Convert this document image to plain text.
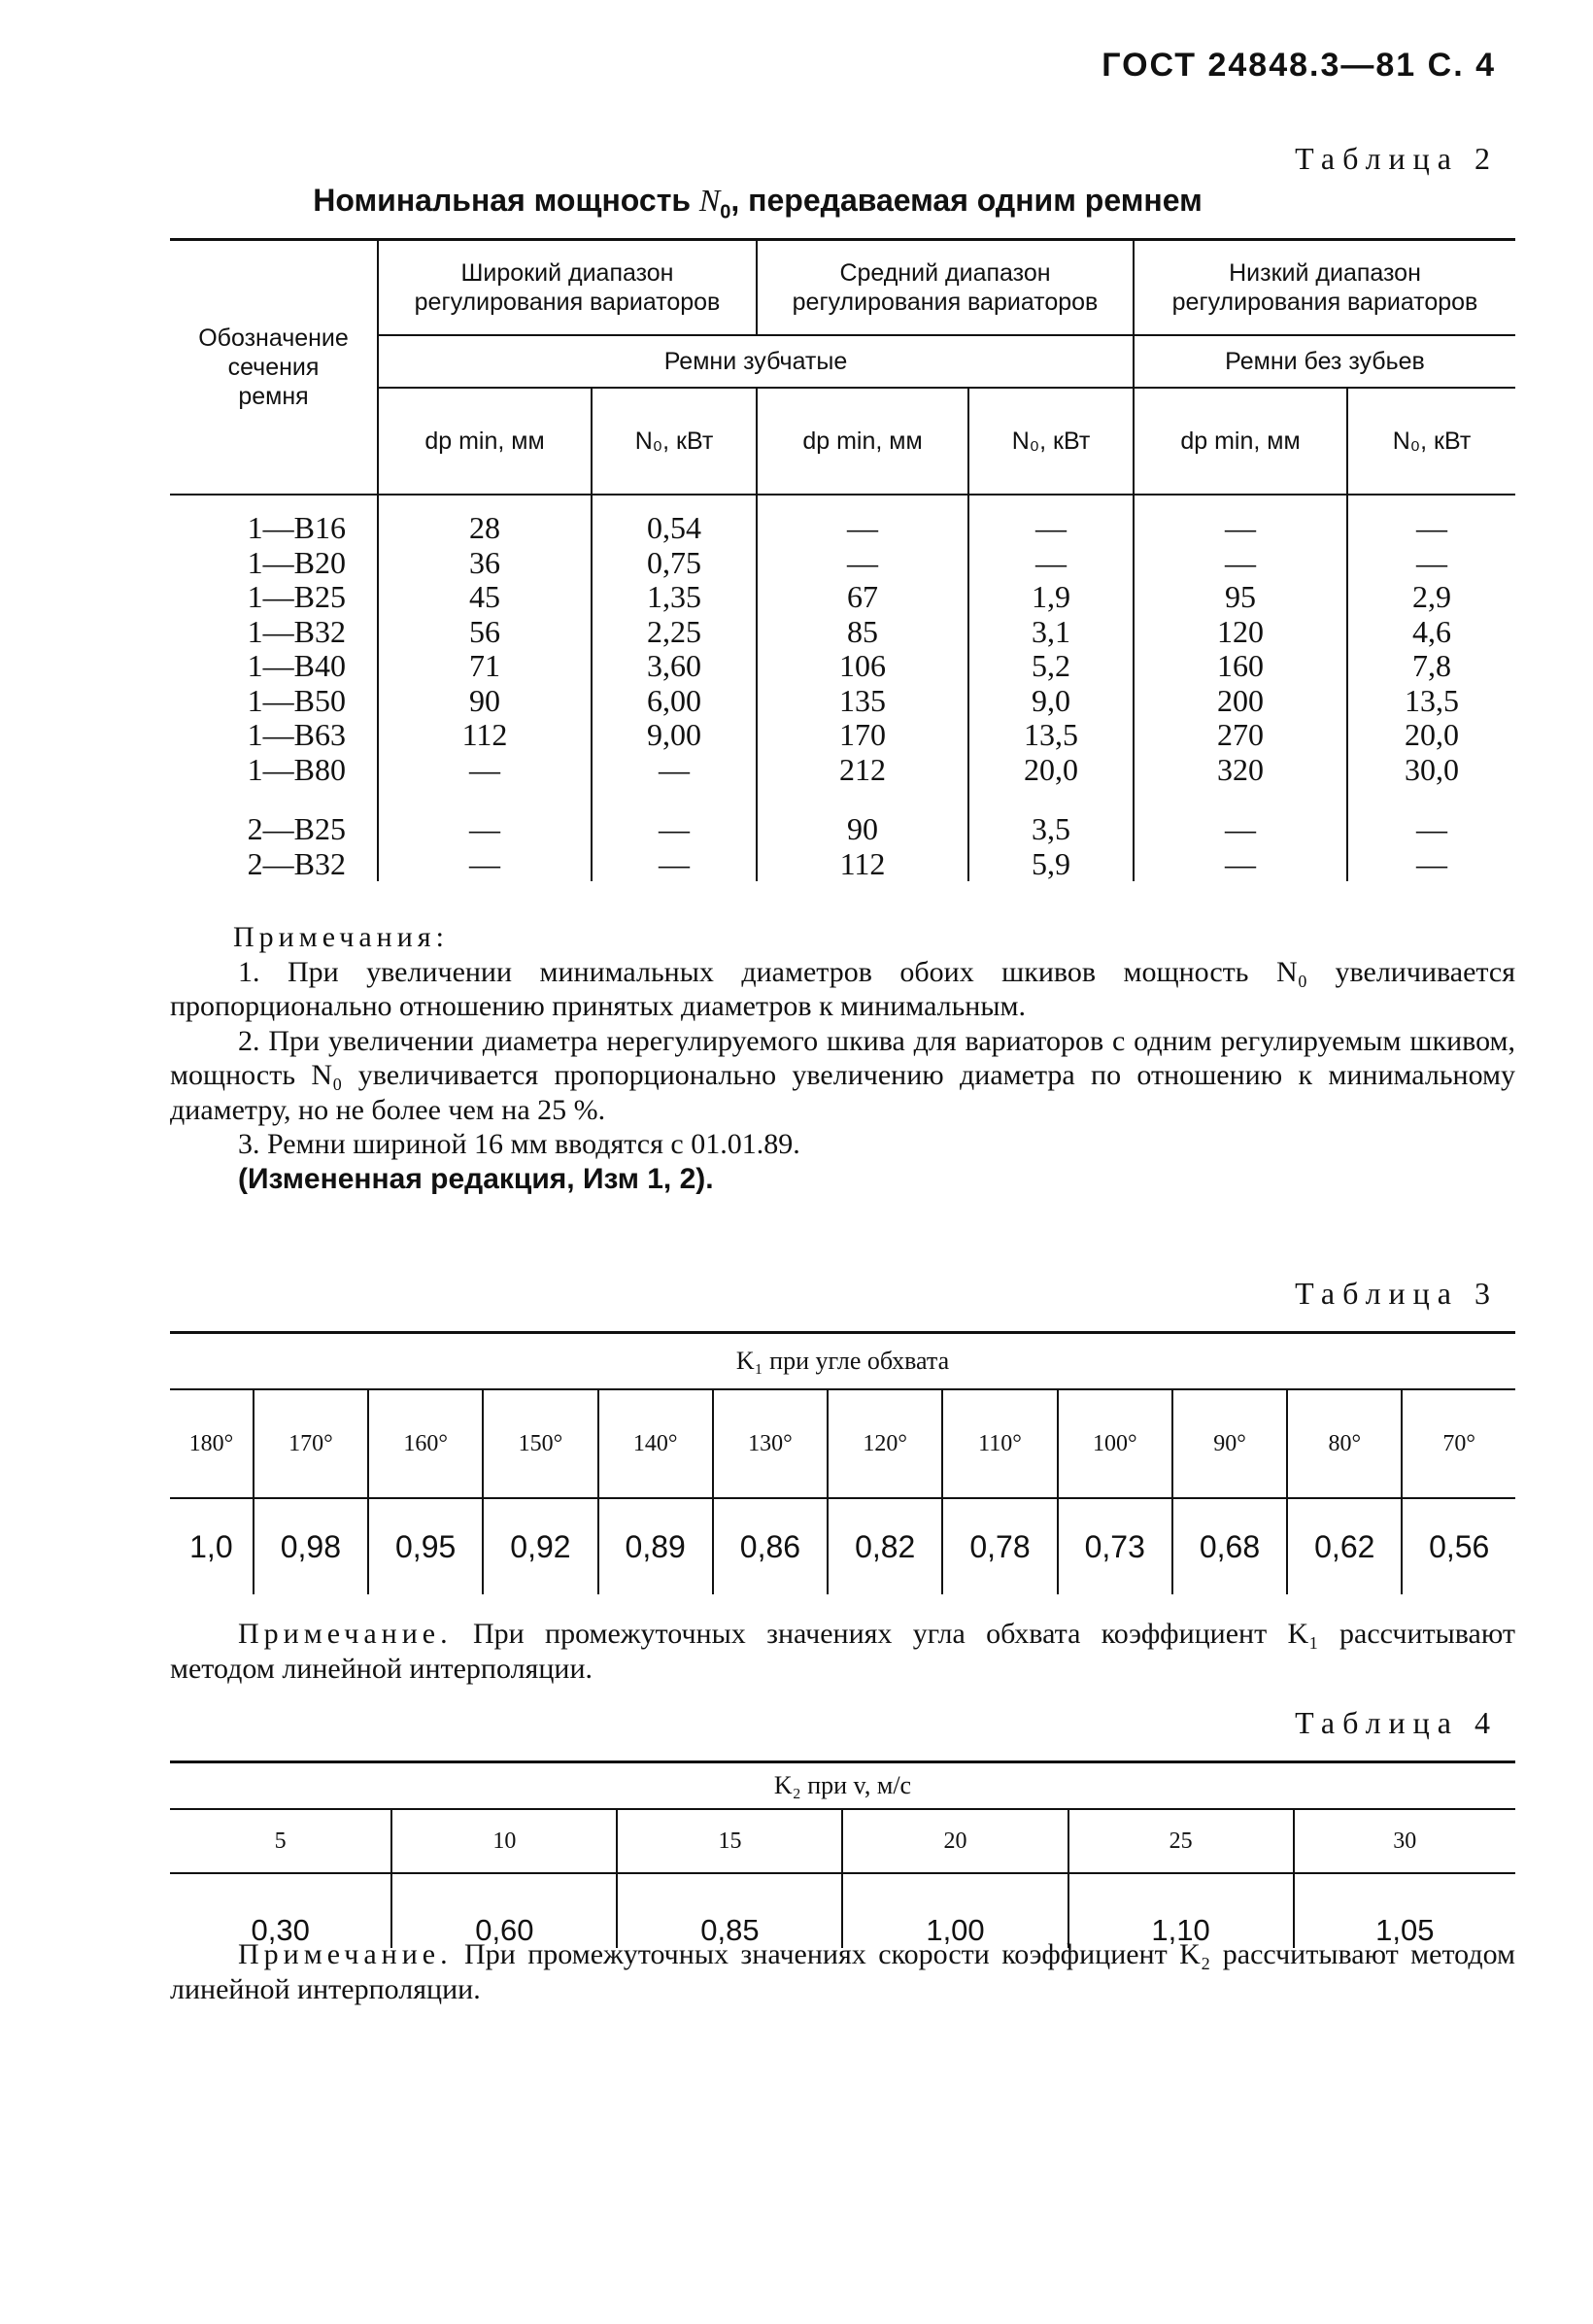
ГОСТ 24848.3—81 С. 4
Таблица 2
Номинальная мощность $N_0$, передаваемая одним ремнем

Обозначение сечения ремня	Широкий диапазон регулирования вариаторов		Средний диапазон регулирования вариаторов		Низкий диапазон регулирования вариаторов	

	Ремни зубчатые				Ремни без зубьев	
	dp min, мм	N₀, кВт	dp min, мм	N₀, кВт	dp min, мм	N₀, кВт

1—B16	28	0,54	—	—	—	—
1—B20	36	0,75	—	—	—	—
1—B25	45	1,35	67	1,9	95	2,9
1—B32	56	2,25	85	3,1	120	4,6
1—B40	71	3,60	106	5,2	160	7,8
1—B50	90	6,00	135	9,0	200	13,5
1—B63	112	9,00	170	13,5	270	20,0
1—B80	—	—	212	20,0	320	30,0

2—B25	—	—	90	3,5	—	—
2—B32	—	—	112	5,9	—	—

Примечания:

1. При увеличении минимальных диаметров обоих шкивов мощность N₀ увеличивается пропорционально отношению принятых диаметров к минимальным.

2. При увеличении диаметра нерегулируемого шкива для вариаторов с одним регулируемым шкивом, мощность N₀ увеличивается пропорционально увеличению диаметра по отношению к минимальному диаметру, но не более чем на 25 %.

3. Ремни шириной 16 мм вводятся с 01.01.89.

(Измененная редакция, Изм 1, 2).

Таблица 3
K₁ при угле обхвата											
180°	170°	160°	150°	140°	130°	120°	110°	100°	90°	80°	70°
1,0	0,98	0,95	0,92	0,89	0,86	0,82	0,78	0,73	0,68	0,62	0,56

Примечание. При промежуточных значениях угла обхвата коэффициент K₁ рассчитывают методом линейной интерполяции.

Таблица 4
K₂ при v, м/с					
5	10	15	20	25	30
0,30	0,60	0,85	1,00	1,10	1,05

Примечание. При промежуточных значениях скорости коэффициент K₂ рассчитывают методом линейной интерполяции.
